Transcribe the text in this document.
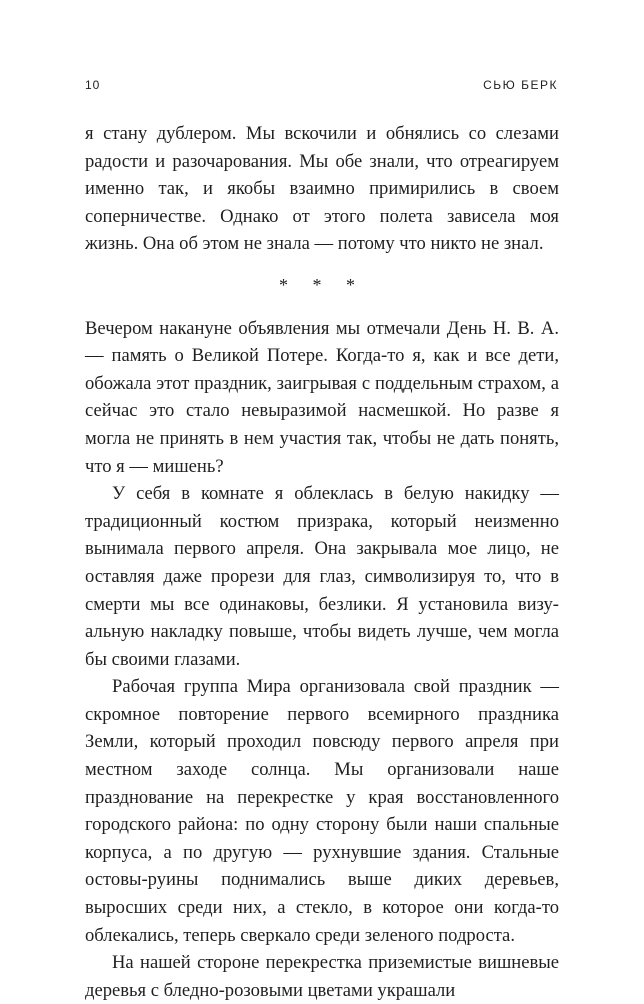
10	СЬЮ БЕРК

я стану дублером. Мы вскочили и обнялись со слезами радости и разочарования. Мы обе знали, что отреагируем именно так, и якобы взаимно примирились в своем соперничестве. Однако от этого полета зависела моя жизнь. Она об этом не знала — потому что никто не знал.

* * *

Вечером накануне объявления мы отмечали День Н. В. А. — память о Великой Потере. Когда-то я, как и все дети, обожала этот праздник, заигрывая с поддельным страхом, а сейчас это стало невыразимой насмешкой. Но разве я могла не принять в нем участия так, чтобы не дать понять, что я — мишень?

У себя в комнате я облеклась в белую накидку — традиционный костюм призрака, который неизменно вынимала первого апреля. Она закрывала мое лицо, не оставляя даже прорези для глаз, символизируя то, что в смерти мы все одинаковы, безлики. Я установила визуальную накладку повыше, чтобы видеть лучше, чем могла бы своими глазами.

Рабочая группа Мира организовала свой праздник — скромное повторение первого всемирного праздника Земли, который проходил повсюду первого апреля при местном заходе солнца. Мы организовали наше празднование на перекрестке у края восстановленного городского района: по одну сторону были наши спальные корпуса, а по другую — рухнувшие здания. Стальные остовы-руины поднимались выше диких деревьев, выросших среди них, а стекло, в которое они когда-то облекались, теперь сверкало среди зеленого подроста.

На нашей стороне перекрестка приземистые вишневые деревья с бледно-розовыми цветами украшали
